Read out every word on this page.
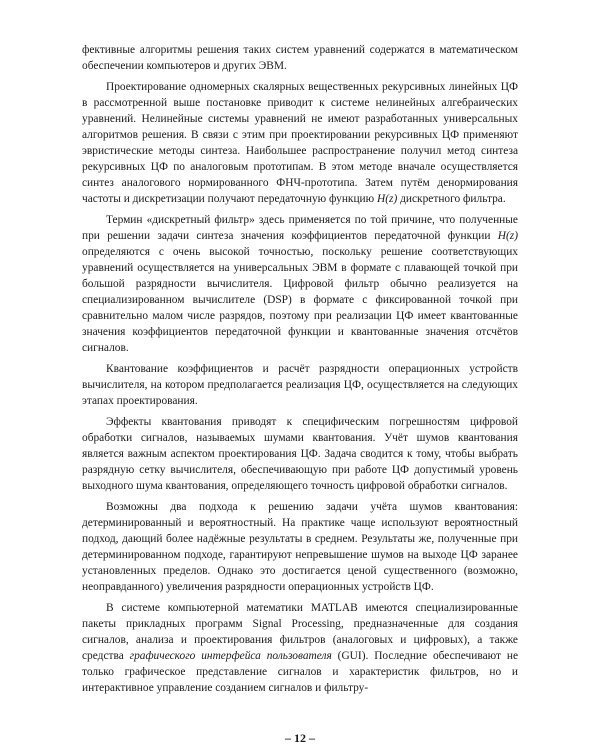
фективные алгоритмы решения таких систем уравнений содержатся в математическом обеспечении компьютеров и других ЭВМ.

Проектирование одномерных скалярных вещественных рекурсивных линейных ЦФ в рассмотренной выше постановке приводит к системе нелинейных алгебраических уравнений. Нелинейные системы уравнений не имеют разработанных универсальных алгоритмов решения. В связи с этим при проектировании рекурсивных ЦФ применяют эвристические методы синтеза. Наибольшее распространение получил метод синтеза рекурсивных ЦФ по аналоговым прототипам. В этом методе вначале осуществляется синтез аналогового нормированного ФНЧ-прототипа. Затем путём денормирования частоты и дискретизации получают передаточную функцию H(z) дискретного фильтра.

Термин «дискретный фильтр» здесь применяется по той причине, что полученные при решении задачи синтеза значения коэффициентов передаточной функции H(z) определяются с очень высокой точностью, поскольку решение соответствующих уравнений осуществляется на универсальных ЭВМ в формате с плавающей точкой при большой разрядности вычислителя. Цифровой фильтр обычно реализуется на специализированном вычислителе (DSP) в формате с фиксированной точкой при сравнительно малом числе разрядов, поэтому при реализации ЦФ имеет квантованные значения коэффициентов передаточной функции и квантованные значения отсчётов сигналов.

Квантование коэффициентов и расчёт разрядности операционных устройств вычислителя, на котором предполагается реализация ЦФ, осуществляется на следующих этапах проектирования.

Эффекты квантования приводят к специфическим погрешностям цифровой обработки сигналов, называемых шумами квантования. Учёт шумов квантования является важным аспектом проектирования ЦФ. Задача сводится к тому, чтобы выбрать разрядную сетку вычислителя, обеспечивающую при работе ЦФ допустимый уровень выходного шума квантования, определяющего точность цифровой обработки сигналов.

Возможны два подхода к решению задачи учёта шумов квантования: детерминированный и вероятностный. На практике чаще используют вероятностный подход, дающий более надёжные результаты в среднем. Результаты же, полученные при детерминированном подходе, гарантируют непревышение шумов на выходе ЦФ заранее установленных пределов. Однако это достигается ценой существенного (возможно, неоправданного) увеличения разрядности операционных устройств ЦФ.

В системе компьютерной математики MATLAB имеются специализированные пакеты прикладных программ Signal Processing, предназначенные для создания сигналов, анализа и проектирования фильтров (аналоговых и цифровых), а также средства графического интерфейса пользователя (GUI). Последние обеспечивают не только графическое представление сигналов и характеристик фильтров, но и интерактивное управление созданием сигналов и фильтру-

– 12 –
